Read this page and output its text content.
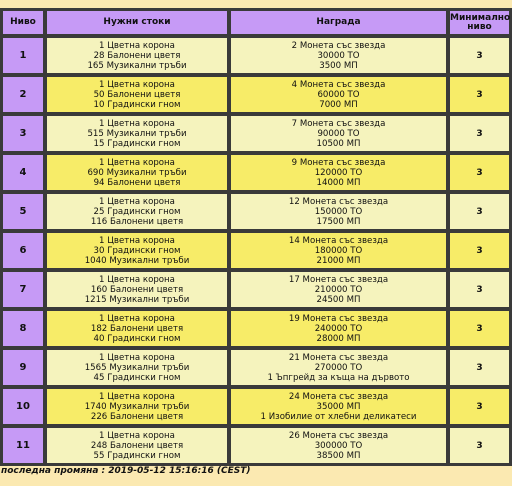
Ниво	Нужни стоки	Награда	Минимално
ниво

1	1 Цветна корона
28 Балонени цветя
165 Музикални тръби	2 Монета със звезда
30000 ТО
3500 МП	3
2	1 Цветна корона
50 Балонени цветя
10 Градински гном	4 Монета със звезда
60000 ТО
7000 МП	3
3	1 Цветна корона
515 Музикални тръби
15 Градински гном	7 Монета със звезда
90000 ТО
10500 МП	3
4	1 Цветна корона
690 Музикални тръби
94 Балонени цветя	9 Монета със звезда
120000 ТО
14000 МП	3
5	1 Цветна корона
25 Градински гном
116 Балонени цветя	12 Монета със звезда
150000 ТО
17500 МП	3
6	1 Цветна корона
30 Градински гном
1040 Музикални тръби	14 Монета със звезда
180000 ТО
21000 МП	3
7	1 Цветна корона
160 Балонени цветя
1215 Музикални тръби	17 Монета със звезда
210000 ТО
24500 МП	3
8	1 Цветна корона
182 Балонени цветя
40 Градински гном	19 Монета със звезда
240000 ТО
28000 МП	3
9	1 Цветна корона
1565 Музикални тръби
45 Градински гном	21 Монета със звезда
270000 ТО
1 Ъпгрейд за къща на дървото	3
10	1 Цветна корона
1740 Музикални тръби
226 Балонени цветя	24 Монета със звезда
35000 МП
1 Изобилие от хлебни деликатеси	3
11	1 Цветна корона
248 Балонени цветя
55 Градински гном	26 Монета със звезда
300000 ТО
38500 МП	3
последна промяна : 2019-05-12 15:16:16 (CEST)
